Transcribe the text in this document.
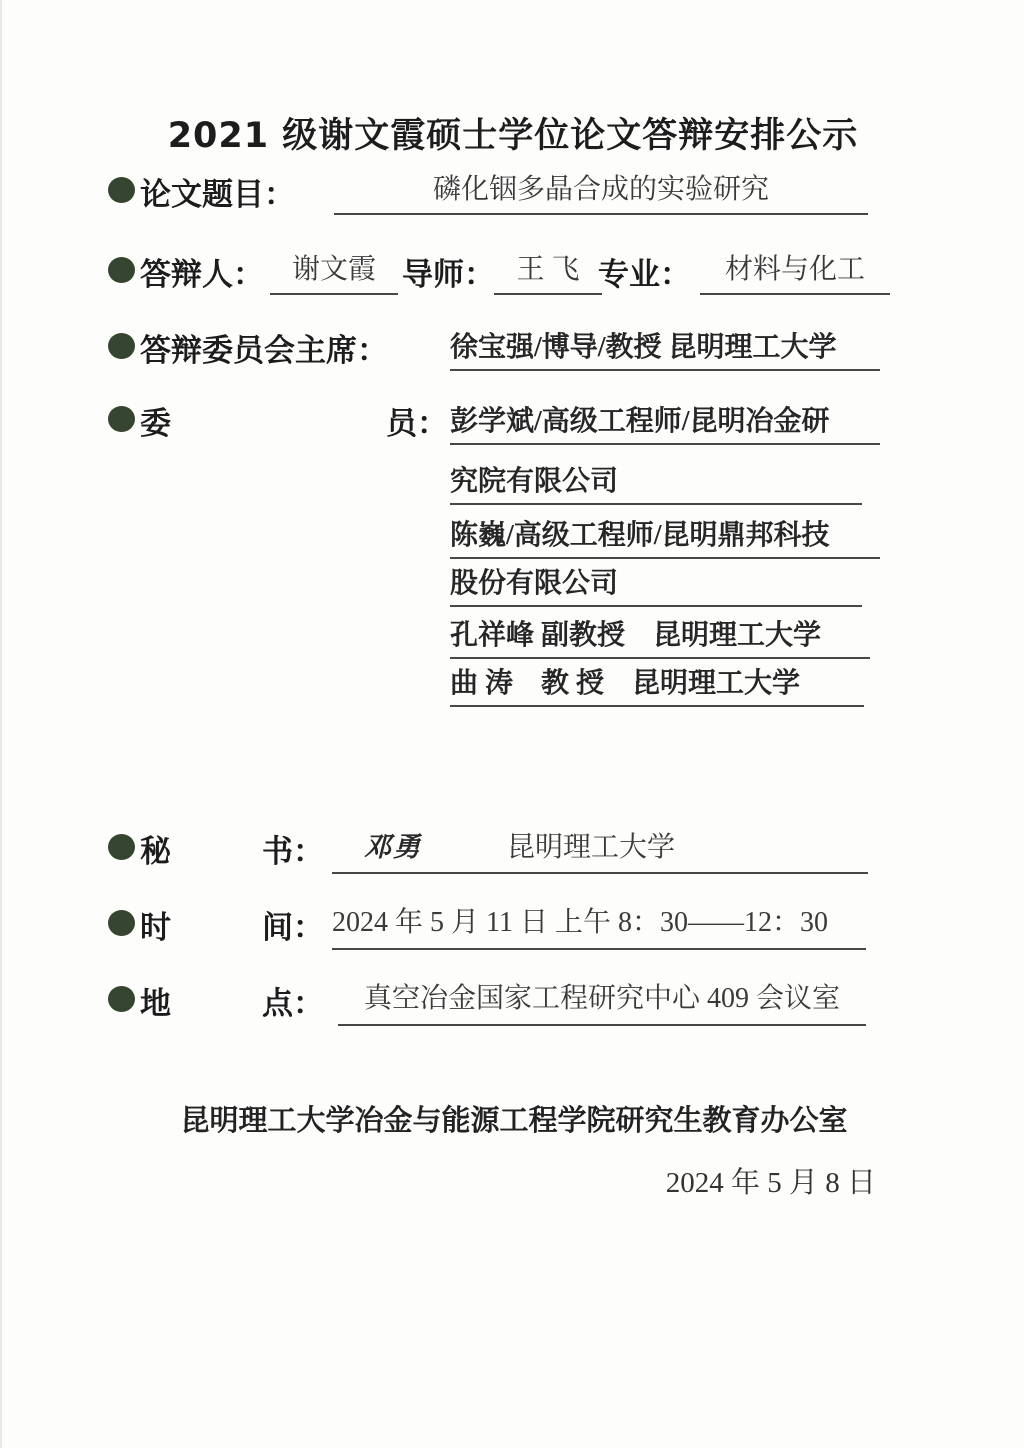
2021 级谢文霞硕士学位论文答辩安排公示
论文题目：	磷化铟多晶合成的实验研究
答辩人： 谢文霞 导师： 王 飞 专业：	材料与化工
答辩委员会主席： 徐宝强/博导/教授 昆明理工大学
委	员： 彭学斌/高级工程师/昆明冶金研
究院有限公司
陈巍/高级工程师/昆明鼎邦科技
股份有限公司
孔祥峰 副教授　昆明理工大学
曲 涛　教 授　昆明理工大学
秘	书：	邓勇	昆明理工大学
时	间： 2024 年 5 月 11 日 上午 8：30——12：30
地	点：	真空冶金国家工程研究中心 409 会议室
昆明理工大学冶金与能源工程学院研究生教育办公室
2024 年 5 月 8 日
